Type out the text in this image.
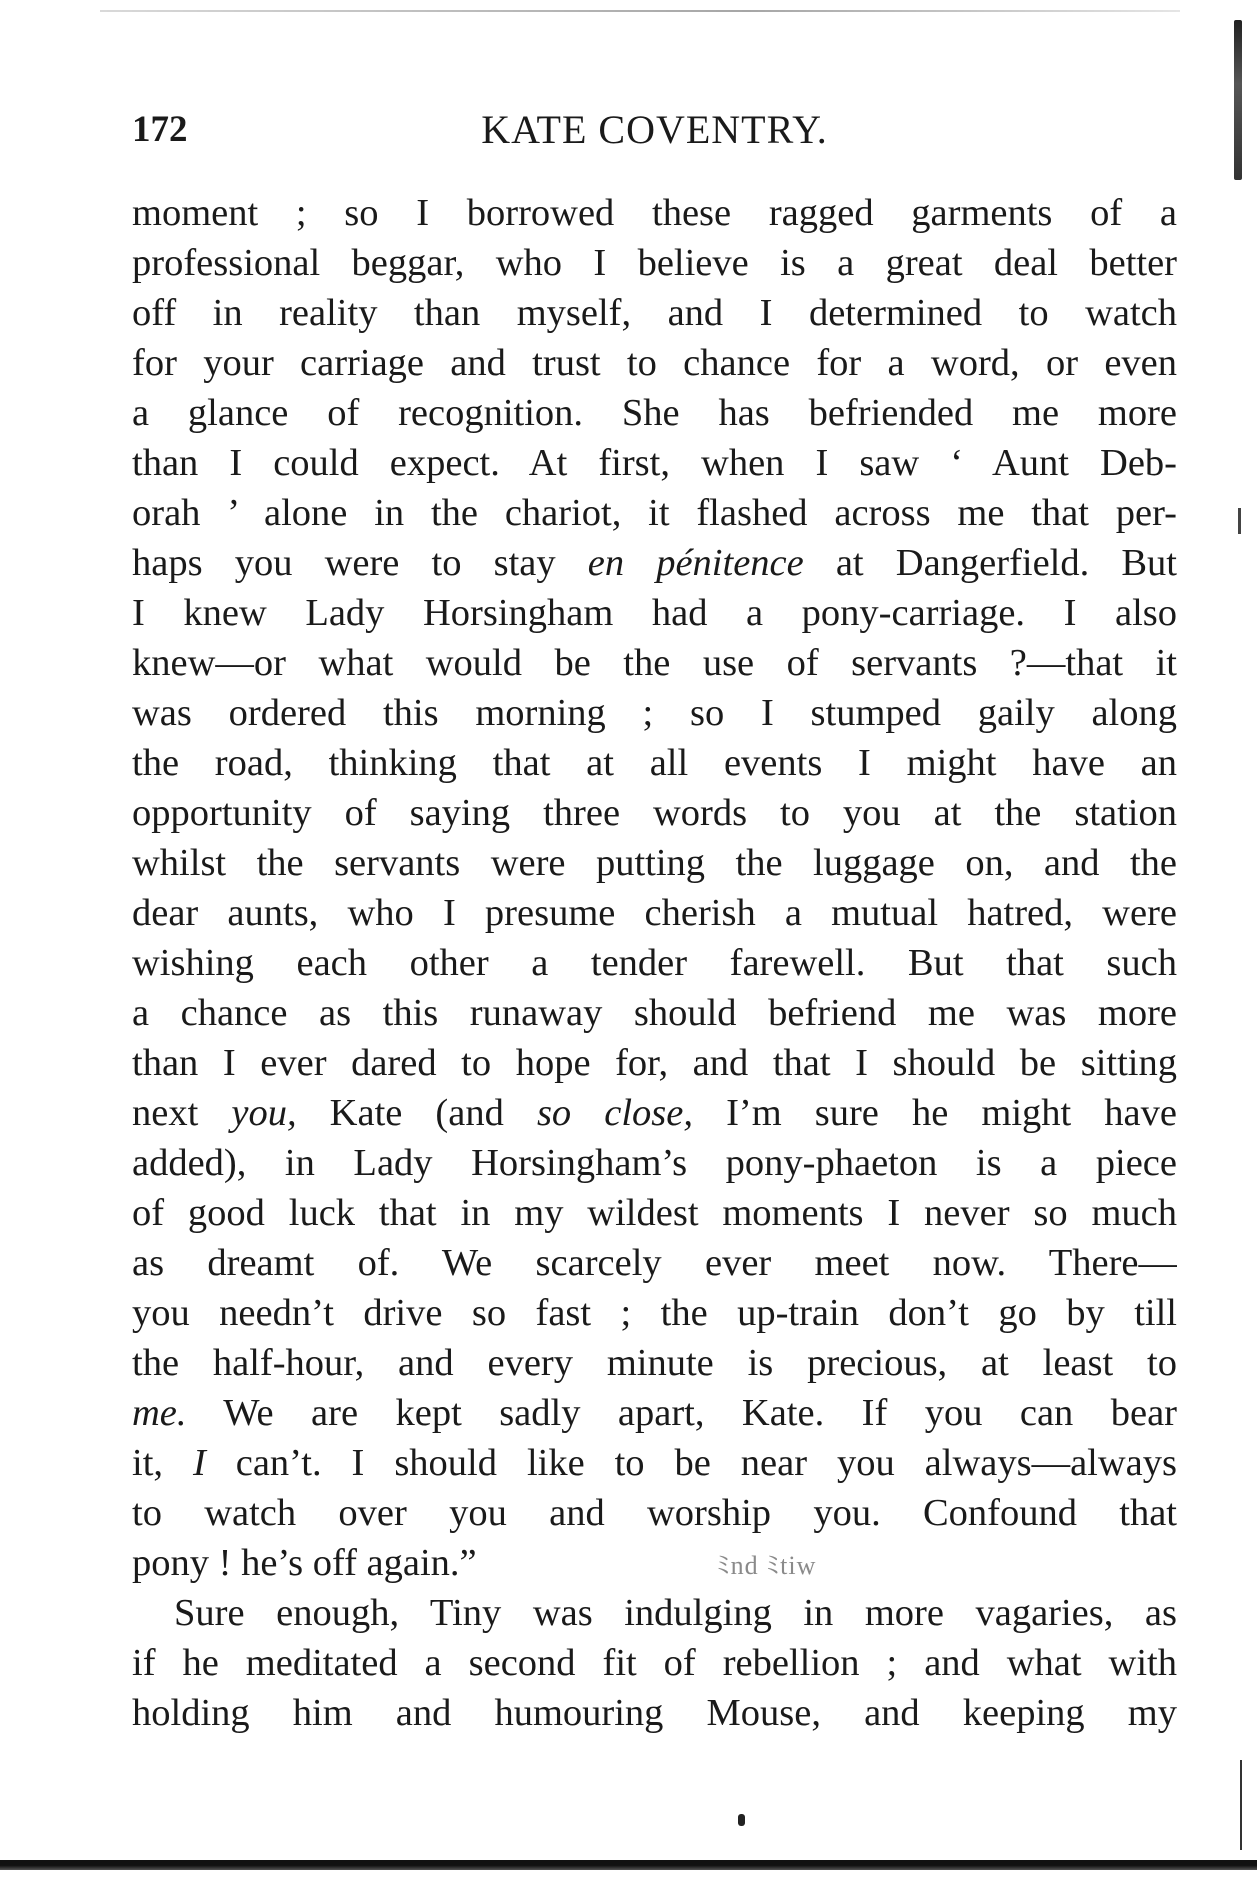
172	KATE COVENTRY.
moment ; so I borrowed these ragged garments of a
professional beggar, who I believe is a great deal better
off in reality than myself, and I determined to watch
for your carriage and trust to chance for a word, or even
a glance of recognition. She has befriended me more
than I could expect. At first, when I saw ‘ Aunt Deb-
orah ’ alone in the chariot, it flashed across me that per-
haps you were to stay en pénitence at Dangerfield. But
I knew Lady Horsingham had a pony-carriage. I also
knew—or what would be the use of servants ?—that it
was ordered this morning ; so I stumped gaily along
the road, thinking that at all events I might have an
opportunity of saying three words to you at the station
whilst the servants were putting the luggage on, and the
dear aunts, who I presume cherish a mutual hatred, were
wishing each other a tender farewell. But that such
a chance as this runaway should befriend me was more
than I ever dared to hope for, and that I should be sitting
next you, Kate (and so close, I’m sure he might have
added), in Lady Horsingham’s pony-phaeton is a piece
of good luck that in my wildest moments I never so much
as dreamt of. We scarcely ever meet now. There—
you needn’t drive so fast ; the up-train don’t go by till
the half-hour, and every minute is precious, at least to
me. We are kept sadly apart, Kate. If you can bear
it, I can’t. I should like to be near you always—always
to watch over you and worship you. Confound that
pony ! he’s off again.”	ﾐnd ﾐtiw
Sure enough, Tiny was indulging in more vagaries, as
if he meditated a second fit of rebellion ; and what with
holding him and humouring Mouse, and keeping my
